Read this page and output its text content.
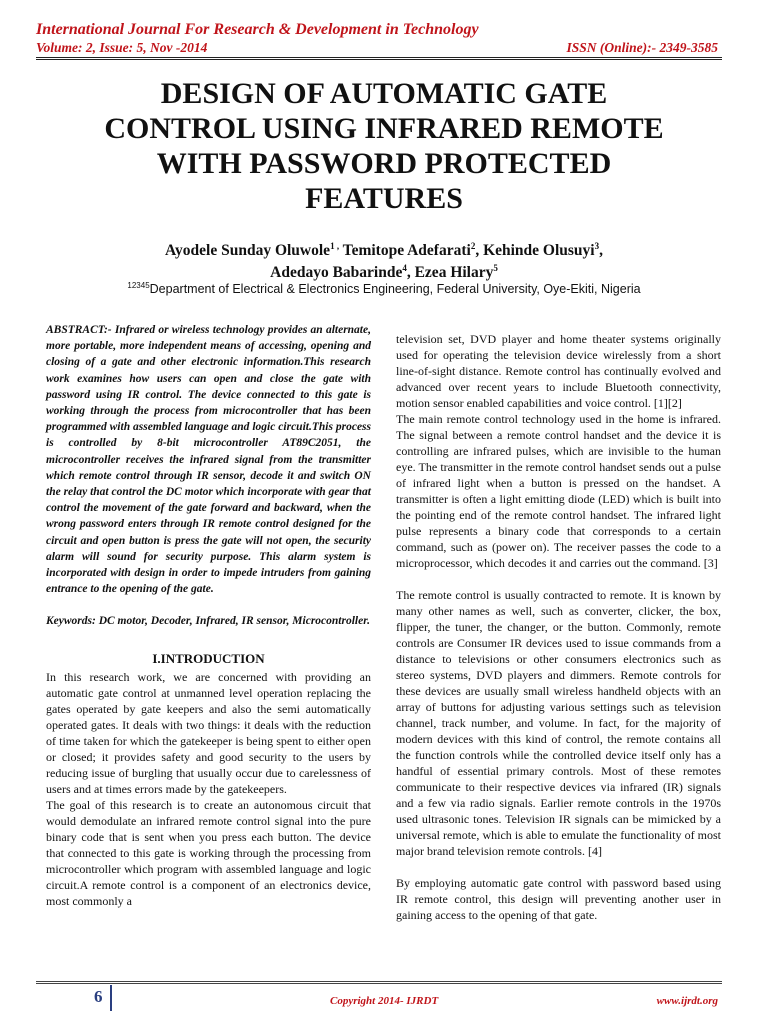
International Journal For Research & Development in Technology
Volume: 2, Issue: 5, Nov -2014	ISSN (Online):- 2349-3585
DESIGN OF AUTOMATIC GATE
CONTROL USING INFRARED REMOTE
WITH PASSWORD PROTECTED
FEATURES
Ayodele Sunday Oluwole$^{1 ,}$ Temitope Adefarati$^2$, Kehinde Olusuyi$^3$,
Adedayo Babarinde$^4$, Ezea Hilary$^5$
$^{12345}$Department of Electrical & Electronics Engineering, Federal University, Oye-Ekiti, Nigeria

ABSTRACT:- Infrared or wireless technology provides an alternate, more portable, more independent means of accessing, opening and closing of a gate and other electronic information.This research work examines how users can open and close the gate with password using IR control. The device connected to this gate is working through the process from microcontroller that has been programmed with assembled language and logic circuit.This process is controlled by 8-bit microcontroller AT89C2051, the microcontroller receives the infrared signal from the transmitter which remote control through IR sensor, decode it and switch ON the relay that control the DC motor which incorporate with gear that control the movement of the gate forward and backward, when the wrong password enters through IR remote control designed for the circuit and open button is press the gate will not open, the security alarm will sound for security purpose. This alarm system is incorporated with design in order to impede intruders from gaining entrance to the opening of the gate.

Keywords: DC motor, Decoder, Infrared, IR sensor, Microcontroller.

I.INTRODUCTION

In this research work, we are concerned with providing an automatic gate control at unmanned level operation replacing the gates operated by gate keepers and also the semi automatically operated gates. It deals with two things: it deals with the reduction of time taken for which the gatekeeper is being spent to either open or closed; it provides safety and good security to the users by reducing issue of burgling that usually occur due to carelessness of users and at times errors made by the gatekeepers.

The goal of this research is to create an autonomous circuit that would demodulate an infrared remote control signal into the pure binary code that is sent when you press each button. The device that connected to this gate is working through the processing from microcontroller which program with assembled language and logic circuit.A remote control is a component of an electronics device, most commonly a

television set, DVD player and home theater systems originally used for operating the television device wirelessly from a short line-of-sight distance. Remote control has continually evolved and advanced over recent years to include Bluetooth connectivity, motion sensor enabled capabilities and voice control. [1][2]

The main remote control technology used in the home is infrared. The signal between a remote control handset and the device it is controlling are infrared pulses, which are invisible to the human eye. The transmitter in the remote control handset sends out a pulse of infrared light when a button is pressed on the handset. A transmitter is often a light emitting diode (LED) which is built into the pointing end of the remote control handset. The infrared light pulse represents a binary code that corresponds to a certain command, such as (power on). The receiver passes the code to a microprocessor, which decodes it and carries out the command. [3]

The remote control is usually contracted to remote. It is known by many other names as well, such as converter, clicker, the box, flipper, the tuner, the changer, or the button. Commonly, remote controls are Consumer IR devices used to issue commands from a distance to televisions or other consumers electronics such as stereo systems, DVD players and dimmers. Remote controls for these devices are usually small wireless handheld objects with an array of buttons for adjusting various settings such as television channel, track number, and volume. In fact, for the majority of modern devices with this kind of control, the remote contains all the function controls while the controlled device itself only has a handful of essential primary controls. Most of these remotes communicate to their respective devices via infrared (IR) signals and a few via radio signals. Earlier remote controls in the 1970s used ultrasonic tones. Television IR signals can be mimicked by a universal remote, which is able to emulate the functionality of most major brand television remote controls. [4]

By employing automatic gate control with password based using IR remote control, this design will preventing another user in gaining access to the opening of that gate.

6	Copyright 2014- IJRDT	www.ijrdt.org
